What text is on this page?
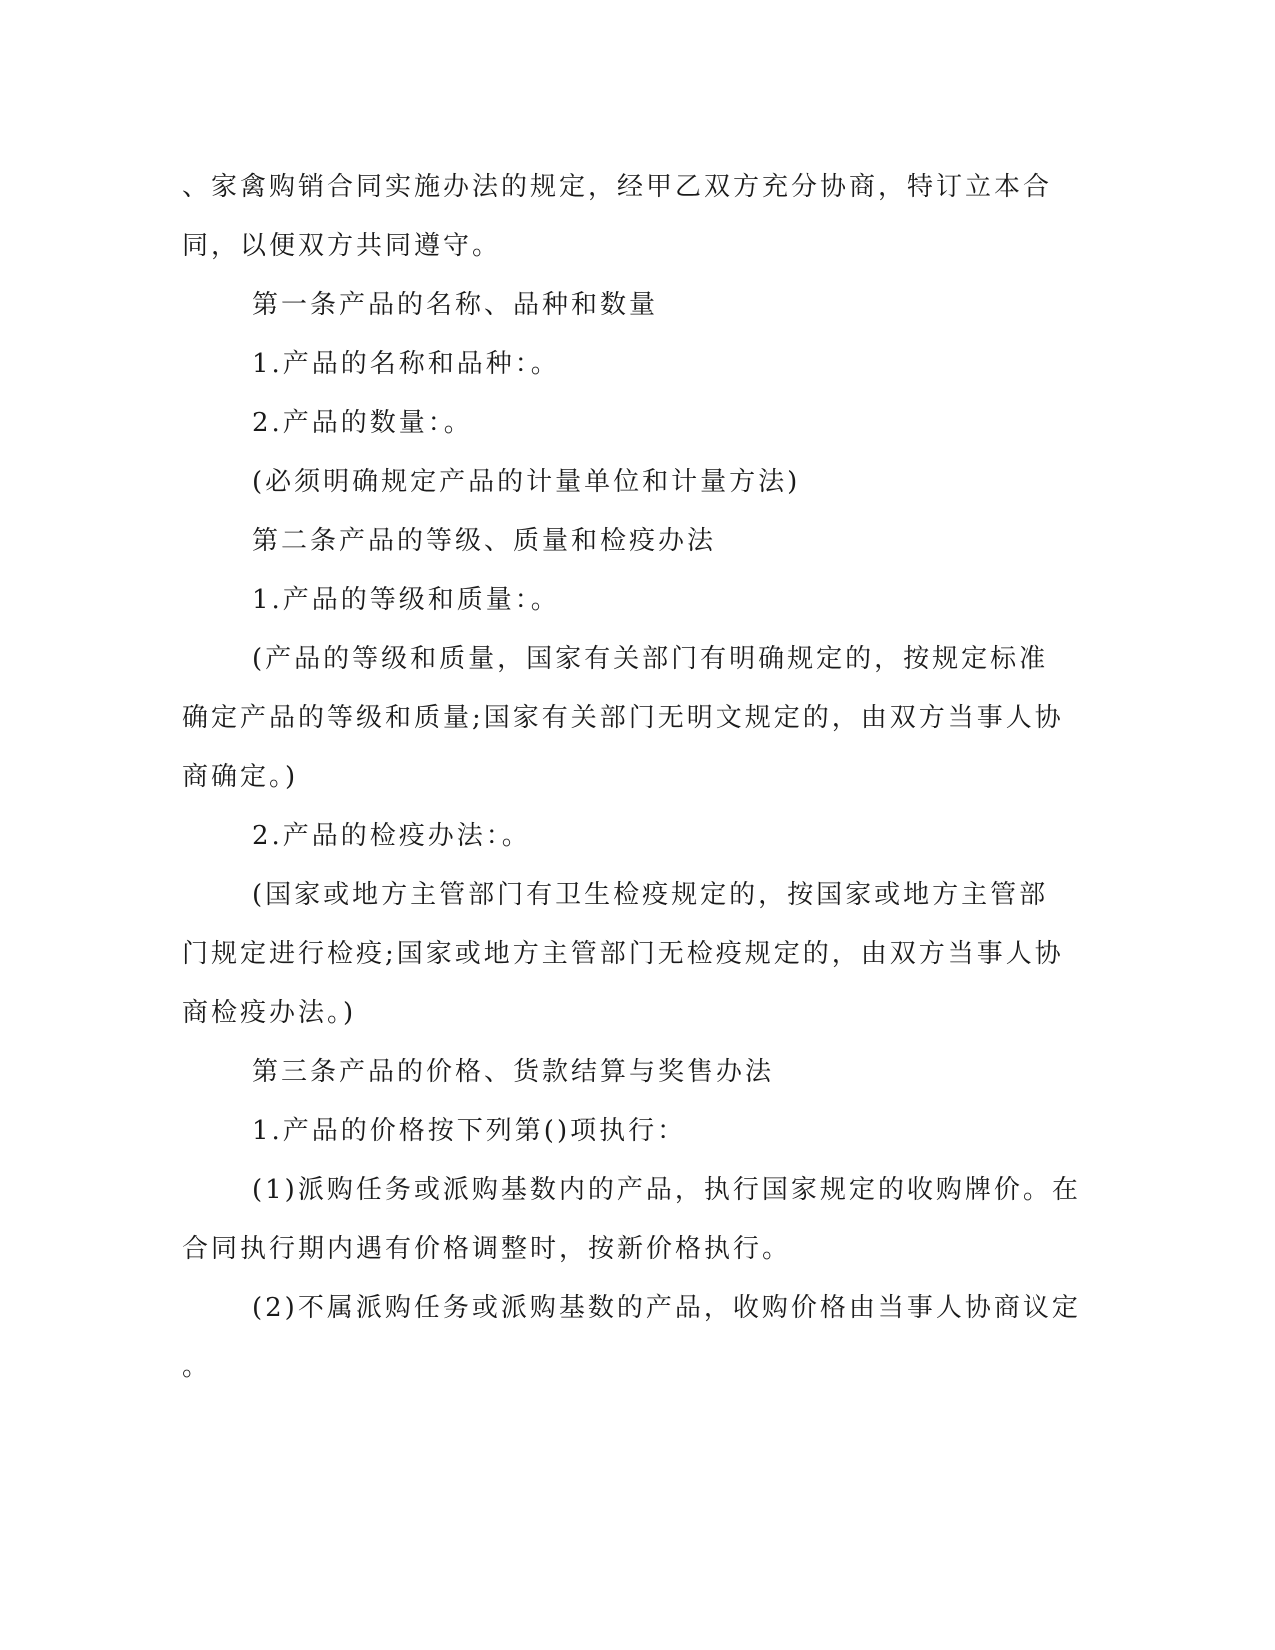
、家禽购销合同实施办法的规定，经甲乙双方充分协商，特订立本合
同，以便双方共同遵守。
第一条产品的名称、品种和数量
1.产品的名称和品种：。
2.产品的数量：。
(必须明确规定产品的计量单位和计量方法)
第二条产品的等级、质量和检疫办法
1.产品的等级和质量：。
(产品的等级和质量，国家有关部门有明确规定的，按规定标准
确定产品的等级和质量;国家有关部门无明文规定的，由双方当事人协
商确定。)
2.产品的检疫办法：。
(国家或地方主管部门有卫生检疫规定的，按国家或地方主管部
门规定进行检疫;国家或地方主管部门无检疫规定的，由双方当事人协
商检疫办法。)
第三条产品的价格、货款结算与奖售办法
1.产品的价格按下列第()项执行：
(1)派购任务或派购基数内的产品，执行国家规定的收购牌价。在
合同执行期内遇有价格调整时，按新价格执行。
(2)不属派购任务或派购基数的产品，收购价格由当事人协商议定
。
